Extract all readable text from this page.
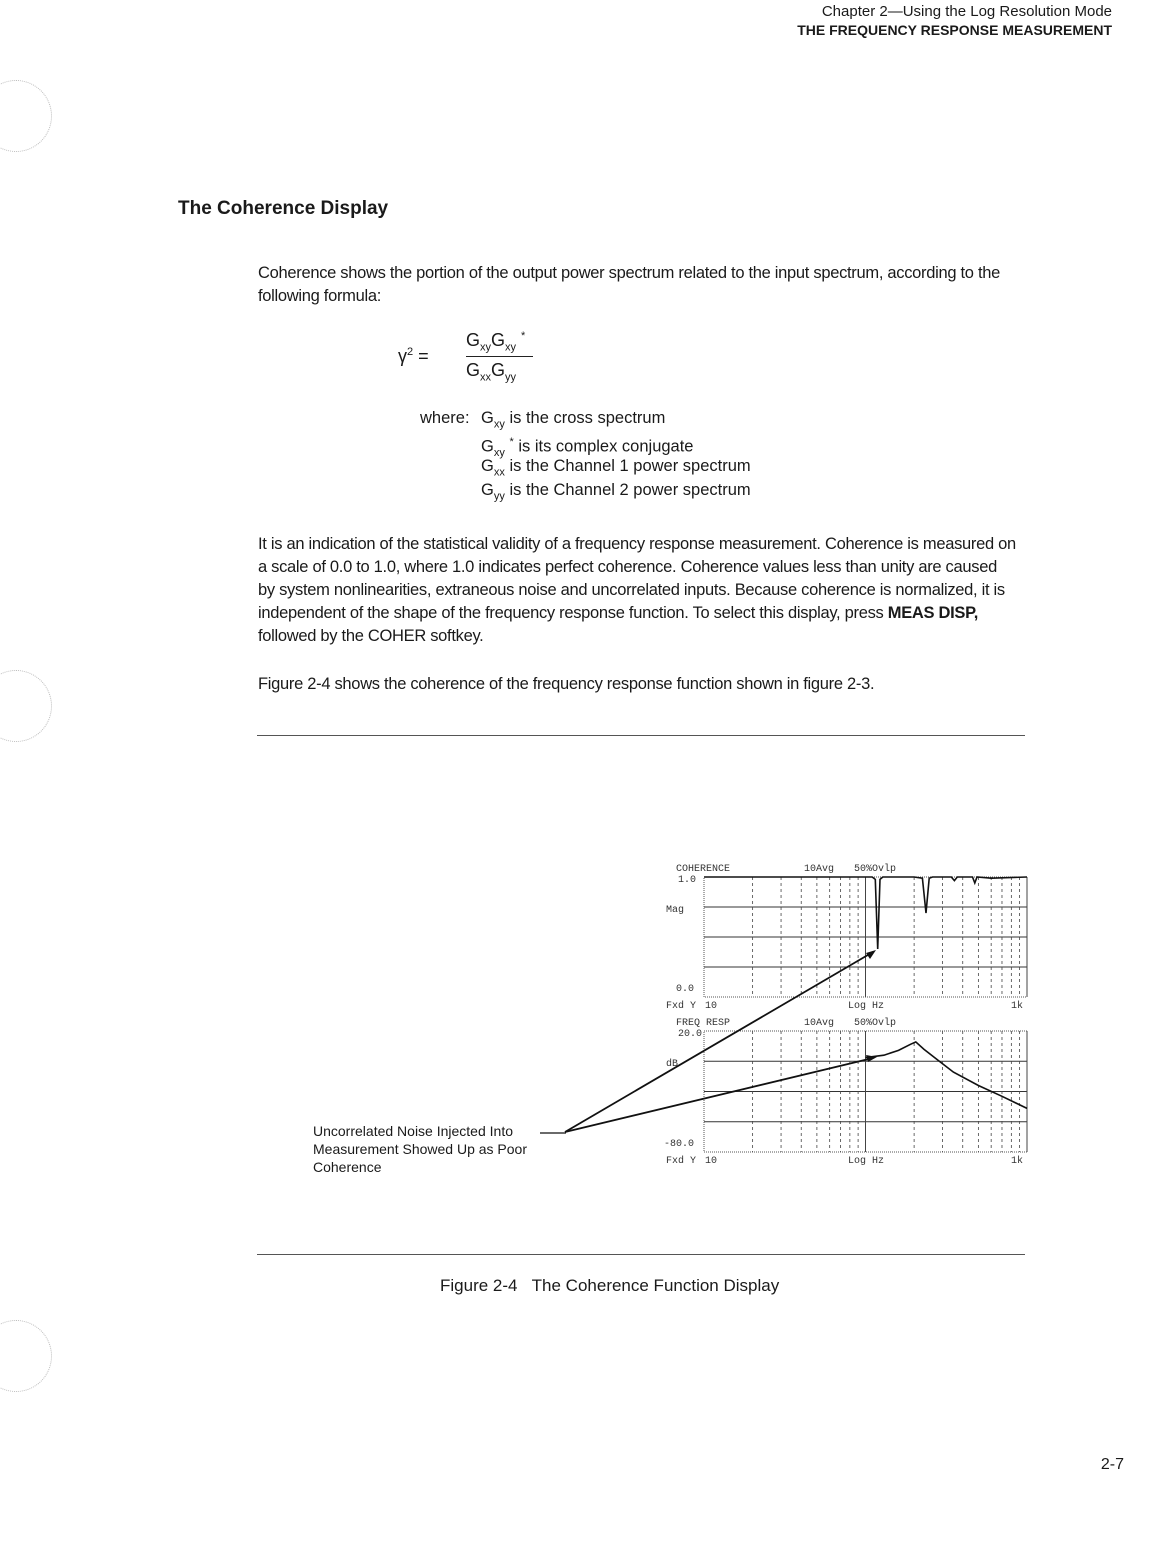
Chapter 2—Using the Log Resolution Mode
THE FREQUENCY RESPONSE MEASUREMENT
The Coherence Display
Coherence shows the portion of the output power spectrum related to the input spectrum, according to the following formula:
$\gamma^2$ =
$G_{xy}G_{xy}$ *
$G_{xx}G_{yy}$
where: $G_{xy}$ is the cross spectrum
$G_{xy}$ * is its complex conjugate
$G_{xx}$ is the Channel 1 power spectrum
$G_{yy}$ is the Channel 2 power spectrum
It is an indication of the statistical validity of a frequency response measurement. Coherence is measured on a scale of 0.0 to 1.0, where 1.0 indicates perfect coherence. Coherence values less than unity are caused by system nonlinearities, extraneous noise and uncorrelated inputs. Because coherence is normalized, it is independent of the shape of the frequency response function. To select this display, press MEAS DISP, followed by the COHER softkey.
Figure 2-4 shows the coherence of the frequency response function shown in figure 2-3.
COHERENCE	10Avg 50%Ovlp
1.0
Mag
0.0
Fxd Y 10	Log Hz	1k
FREQ RESP	10Avg 50%Ovlp
20.0
dB
-80.0
Fxd Y 10	Log Hz	1k
Uncorrelated Noise Injected Into Measurement Showed Up as Poor Coherence
Figure 2-4 The Coherence Function Display
2-7
